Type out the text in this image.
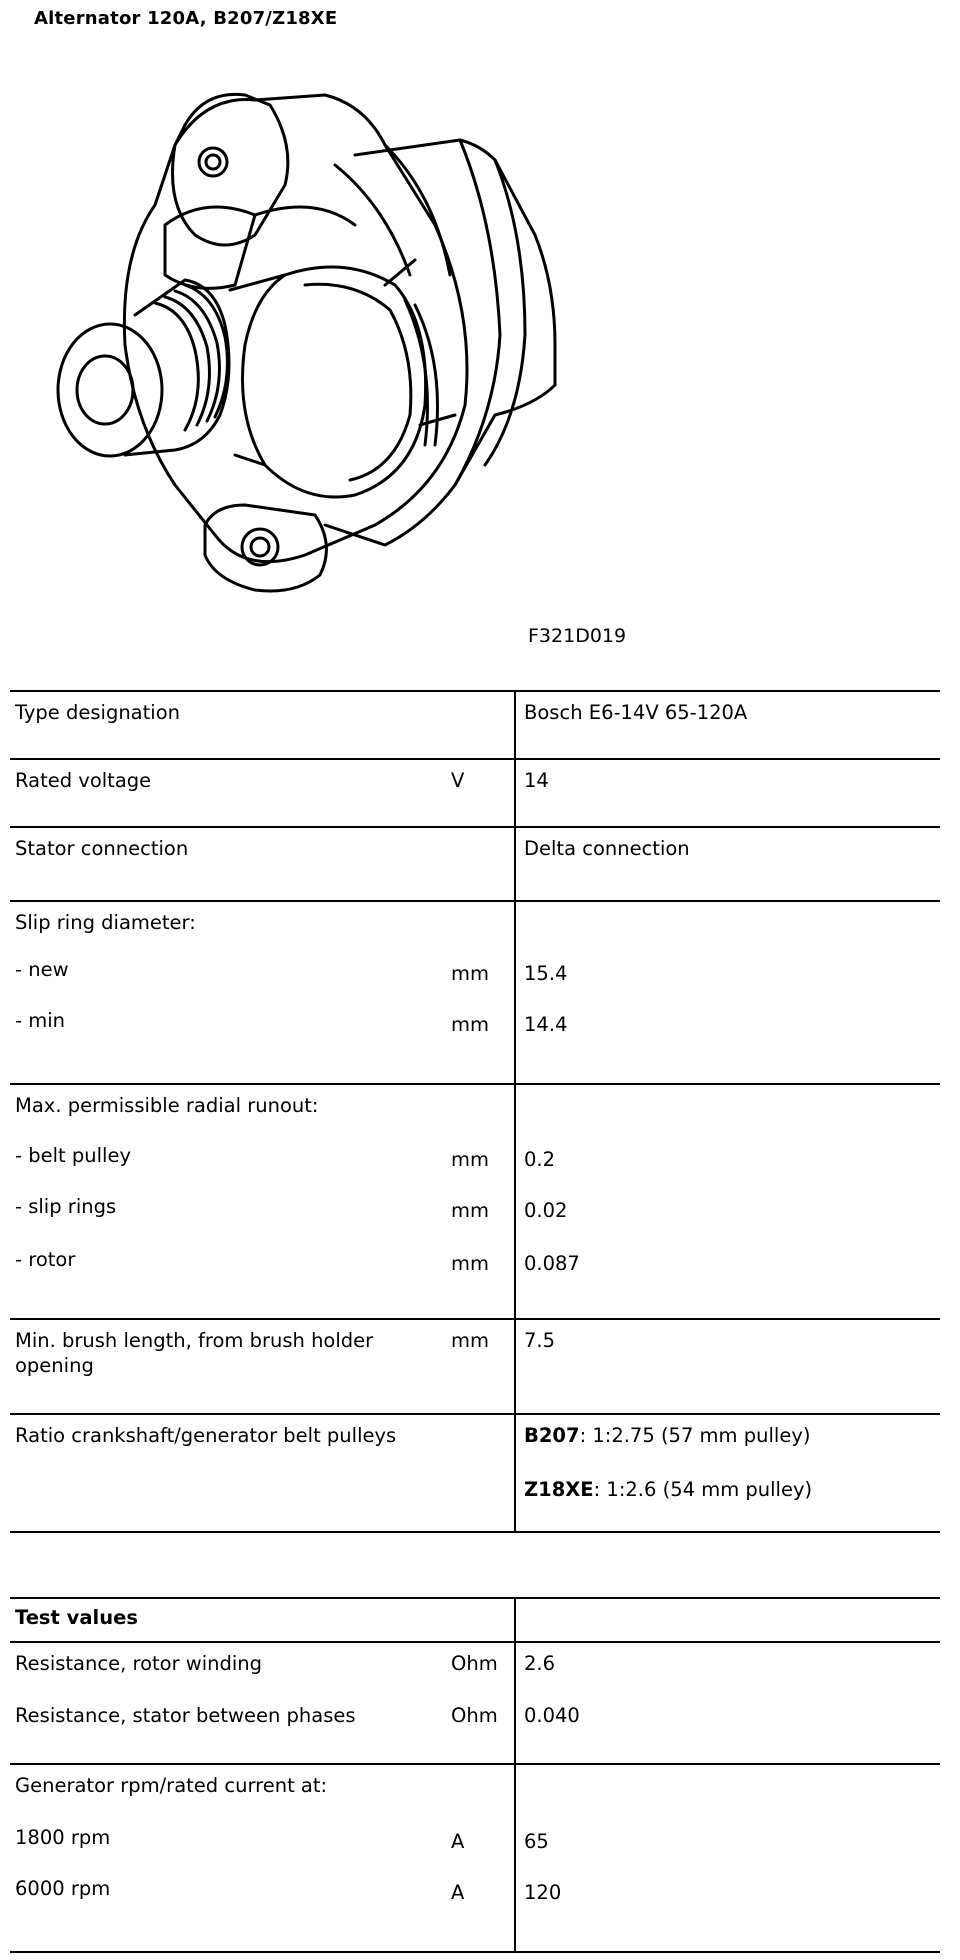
Alternator 120A, B207/Z18XE
F321D019
Type designation		Bosch E6-14V 65-120A
Rated voltage	V	14
Stator connection		Delta connection
Slip ring diameter:		
- new	mm	15.4
- min	mm	14.4
Max. permissible radial runout:		
- belt pulley	mm	0.2
- slip rings	mm	0.02
- rotor	mm	0.087
Min. brush length, from brush holder opening	mm	7.5
Ratio crankshaft/generator belt pulleys		B207: 1:2.75 (57 mm pulley)
Z18XE: 1:2.6 (54 mm pulley)
Test values		
Resistance, rotor winding	Ohm	2.6
Resistance, stator between phases	Ohm	0.040
Generator rpm/rated current at:		
1800 rpm	A	65
6000 rpm	A	120
